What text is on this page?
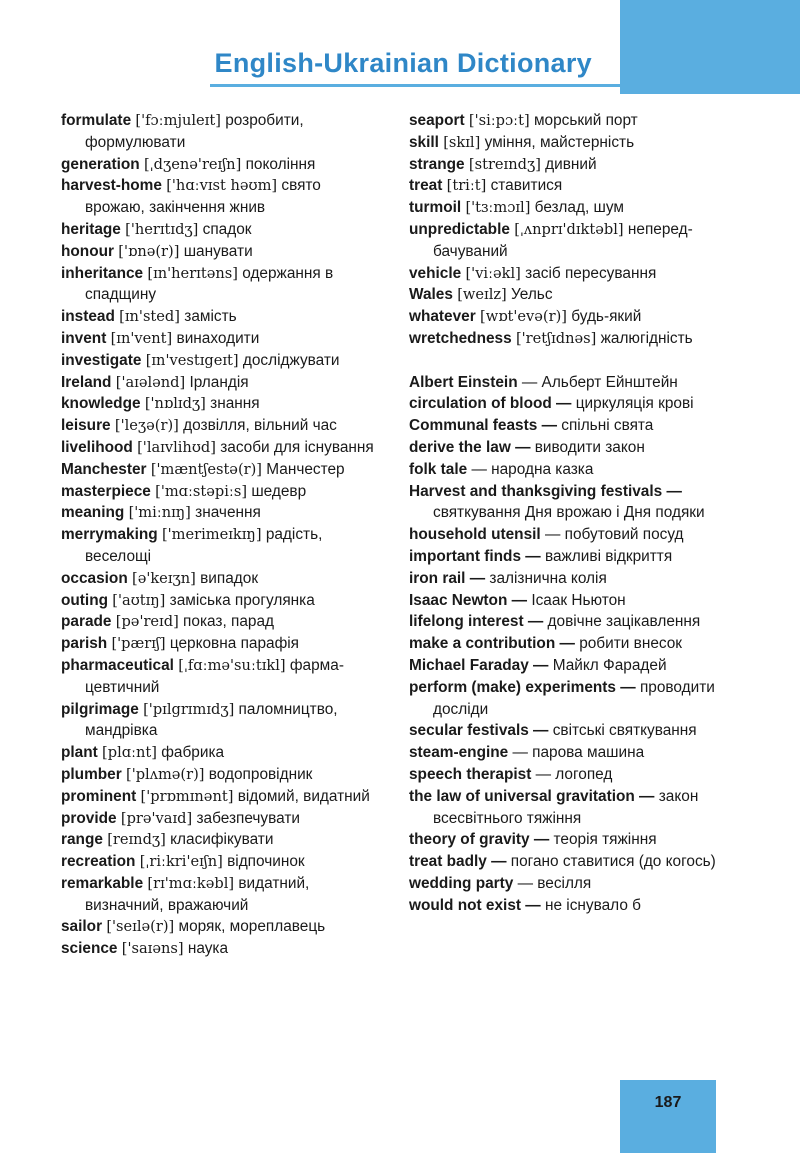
English-Ukrainian Dictionary

formulate ['fɔːmjuleɪt] розробити, формулювати

generation [ˌdʒenə'reɪʃn] покоління

harvest-home ['hɑːvɪst həʊm] свято врожаю, закінчення жнив

heritage ['herɪtɪdʒ] спадок

honour ['ɒnə(r)] шанувати

inheritance [ɪn'herɪtəns] одержання в спадщину

instead [ɪn'sted] замість

invent [ɪn'vent] винаходити

investigate [ɪn'vestɪgeɪt] досліджувати

Ireland ['aɪələnd] Ірландія

knowledge ['nɒlɪdʒ] знання

leisure ['leʒə(r)] дозвілля, вільний час

livelihood ['laɪvlihʊd] засоби для існування

Manchester ['mæntʃestə(r)] Манчестер

masterpiece ['mɑːstəpiːs] шедевр

meaning ['miːnɪŋ] значення

merrymaking ['merimeɪkɪŋ] радість, веселощі

occasion [ə'keɪʒn] випадок

outing ['aʊtɪŋ] заміська прогулянка

parade [pə'reɪd] показ, парад

parish ['pærɪʃ] церковна парафія

pharmaceutical [ˌfɑːmə'suːtɪkl] фармацевтичний

pilgrimage ['pɪlgrɪmɪdʒ] паломництво, мандрівка

plant [plɑːnt] фабрика

plumber ['plʌmə(r)] водопровідник

prominent ['prɒmɪnənt] відомий, видатний

provide [prə'vaɪd] забезпечувати

range [reɪndʒ] класифікувати

recreation [ˌriːkri'eɪʃn] відпочинок

remarkable [rɪ'mɑːkəbl] видатний, визначний, вражаючий

sailor ['seɪlə(r)] моряк, мореплавець

science ['saɪəns] наука

seaport ['siːpɔːt] морський порт

skill [skɪl] уміння, майстерність

strange [streɪndʒ] дивний

treat [triːt] ставитися

turmoil ['tɜːmɔɪl] безлад, шум

unpredictable [ˌʌnprɪ'dɪktəbl] непередбачуваний

vehicle ['viːəkl] засіб пересування

Wales [weɪlz] Уельс

whatever [wɒt'evə(r)] будь-який

wretchedness ['retʃɪdnəs] жалюгідність

Albert Einstein — Альберт Ейнштейн

circulation of blood — циркуляція крові

Communal feasts — спільні свята

derive the law — виводити закон

folk tale — народна казка

Harvest and thanksgiving festivals — святкування Дня врожаю і Дня подяки

household utensil — побутовий посуд

important finds — важливі відкриття

iron rail — залізнична колія

Isaac Newton — Ісаак Ньютон

lifelong interest — довічне зацікавлення

make a contribution — робити внесок

Michael Faraday — Майкл Фарадей

perform (make) experiments — проводити досліди

secular festivals — світські святкування

steam-engine — парова машина

speech therapist — логопед

the law of universal gravitation — закон всесвітнього тяжіння

theory of gravity — теорія тяжіння

treat badly — погано ставитися (до когось)

wedding party — весілля

would not exist — не існувало б

187
